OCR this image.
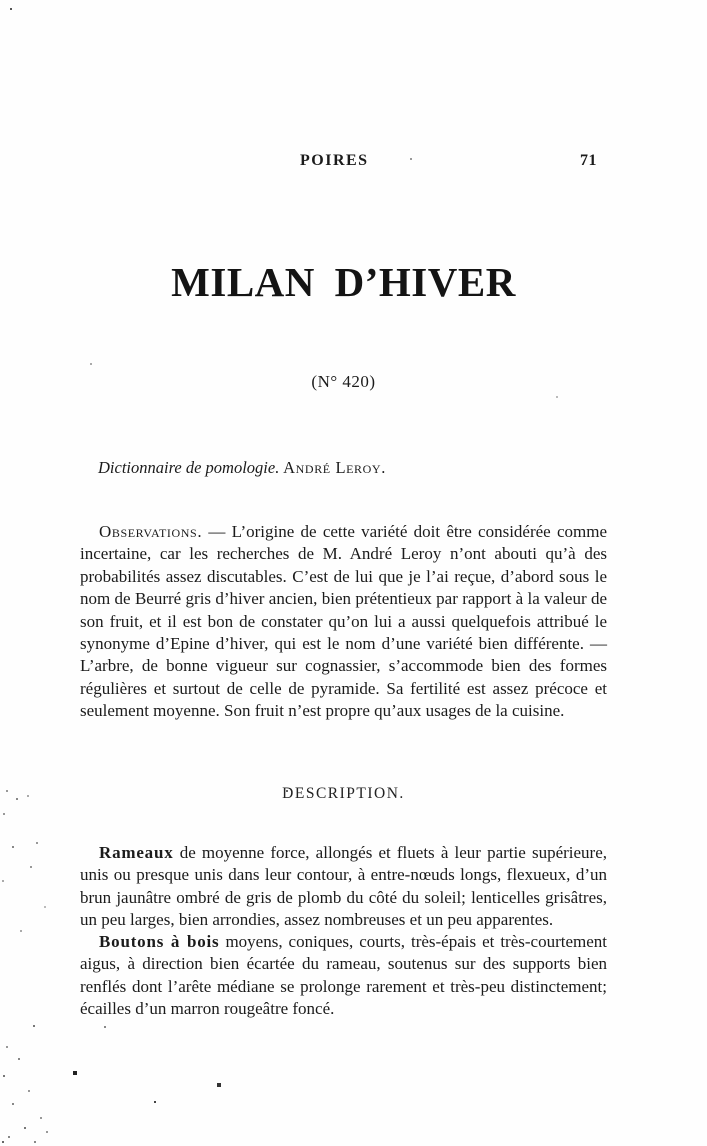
POIRES	71
MILAN D’HIVER
(N° 420)

Dictionnaire de pomologie. André Leroy.

Observations. — L’origine de cette variété doit être considérée comme incertaine, car les recherches de M. André Leroy n’ont abouti qu’à des probabilités assez discutables. C’est de lui que je l’ai reçue, d’abord sous le nom de Beurré gris d’hiver ancien, bien prétentieux par rapport à la valeur de son fruit, et il est bon de constater qu’on lui a aussi quelquefois attribué le synonyme d’Epine d’hiver, qui est le nom d’une variété bien différente. — L’arbre, de bonne vigueur sur cognassier, s’accommode bien des formes régulières et surtout de celle de pyramide. Sa fertilité est assez précoce et seulement moyenne. Son fruit n’est propre qu’aux usages de la cuisine.

DESCRIPTION.

Rameaux de moyenne force, allongés et fluets à leur partie supérieure, unis ou presque unis dans leur contour, à entre-nœuds longs, flexueux, d’un brun jaunâtre ombré de gris de plomb du côté du soleil; lenticelles grisâtres, un peu larges, bien arrondies, assez nombreuses et un peu apparentes.

Boutons à bois moyens, coniques, courts, très-épais et très-courtement aigus, à direction bien écartée du rameau, soutenus sur des supports bien renflés dont l’arête médiane se prolonge rarement et très-peu distinctement; écailles d’un marron rougeâtre foncé.
